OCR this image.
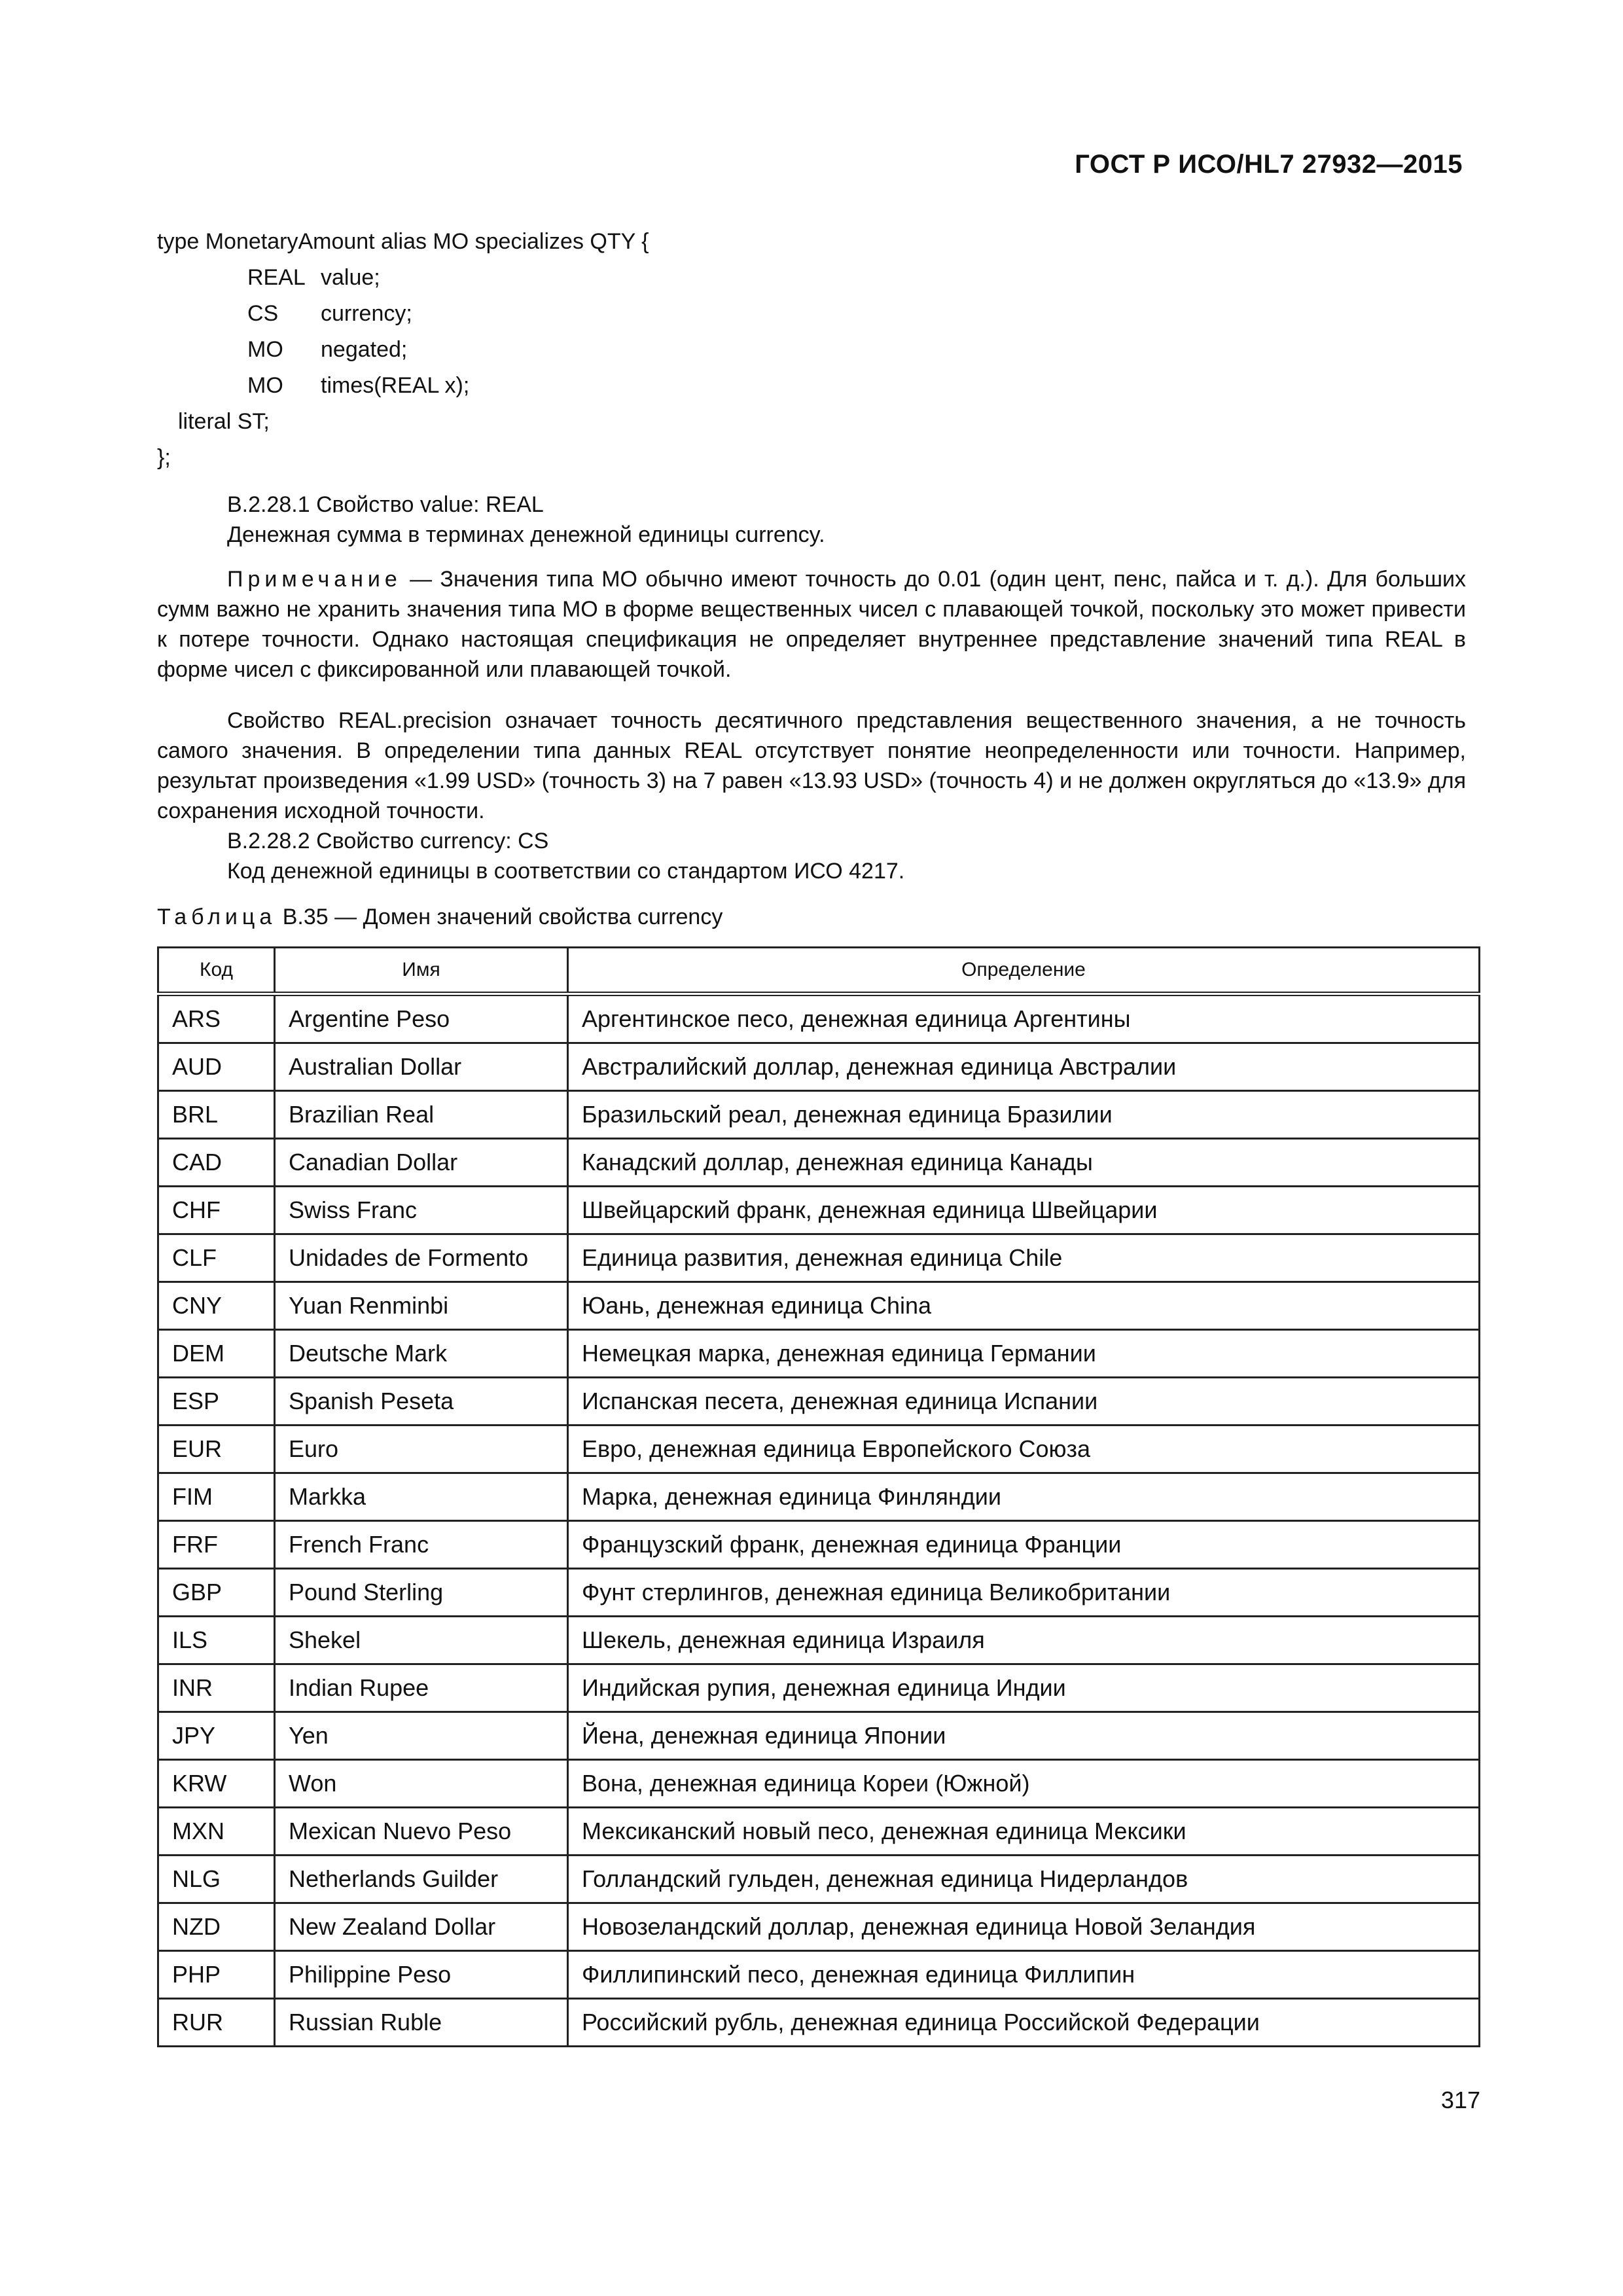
ГОСТ Р ИСО/HL7 27932—2015
type MonetaryAmount alias MO specializes QTY {
REAL value;
CS currency;
MO negated;
MO times(REAL x);
literal ST;
};

B.2.28.1 Свойство value: REAL

Денежная сумма в терминах денежной единицы currency.

Примечание — Значения типа MO обычно имеют точность до 0.01 (один цент, пенс, пайса и т. д.). Для больших сумм важно не хранить значения типа MO в форме вещественных чисел с плавающей точкой, поскольку это может привести к потере точности. Однако настоящая спецификация не определяет внутреннее представление значений типа REAL в форме чисел с фиксированной или плавающей точкой.

Свойство REAL.precision означает точность десятичного представления вещественного значения, а не точность самого значения. В определении типа данных REAL отсутствует понятие неопределенности или точности. Например, результат произведения «1.99 USD» (точность 3) на 7 равен «13.93 USD» (точность 4) и не должен округляться до «13.9» для сохранения исходной точности.

B.2.28.2 Свойство currency: CS

Код денежной единицы в соответствии со стандартом ИСО 4217.

Таблица B.35 — Домен значений свойства currency
Код	Имя	Определение
ARS	Argentine Peso	Аргентинское песо, денежная единица Аргентины
AUD	Australian Dollar	Австралийский доллар, денежная единица Австралии
BRL	Brazilian Real	Бразильский реал, денежная единица Бразилии
CAD	Canadian Dollar	Канадский доллар, денежная единица Канады
CHF	Swiss Franc	Швейцарский франк, денежная единица Швейцарии
CLF	Unidades de Formento	Единица развития, денежная единица Chile
CNY	Yuan Renminbi	Юань, денежная единица China
DEM	Deutsche Mark	Немецкая марка, денежная единица Германии
ESP	Spanish Peseta	Испанская песета, денежная единица Испании
EUR	Euro	Евро, денежная единица Европейского Союза
FIM	Markka	Марка, денежная единица Финляндии
FRF	French Franc	Французский франк, денежная единица Франции
GBP	Pound Sterling	Фунт стерлингов, денежная единица Великобритании
ILS	Shekel	Шекель, денежная единица Израиля
INR	Indian Rupee	Индийская рупия, денежная единица Индии
JPY	Yen	Йена, денежная единица Японии
KRW	Won	Вона, денежная единица Кореи (Южной)
MXN	Mexican Nuevo Peso	Мексиканский новый песо, денежная единица Мексики
NLG	Netherlands Guilder	Голландский гульден, денежная единица Нидерландов
NZD	New Zealand Dollar	Новозеландский доллар, денежная единица Новой Зеландия
PHP	Philippine Peso	Филлипинский песо, денежная единица Филлипин
RUR	Russian Ruble	Российский рубль, денежная единица Российской Федерации
317
